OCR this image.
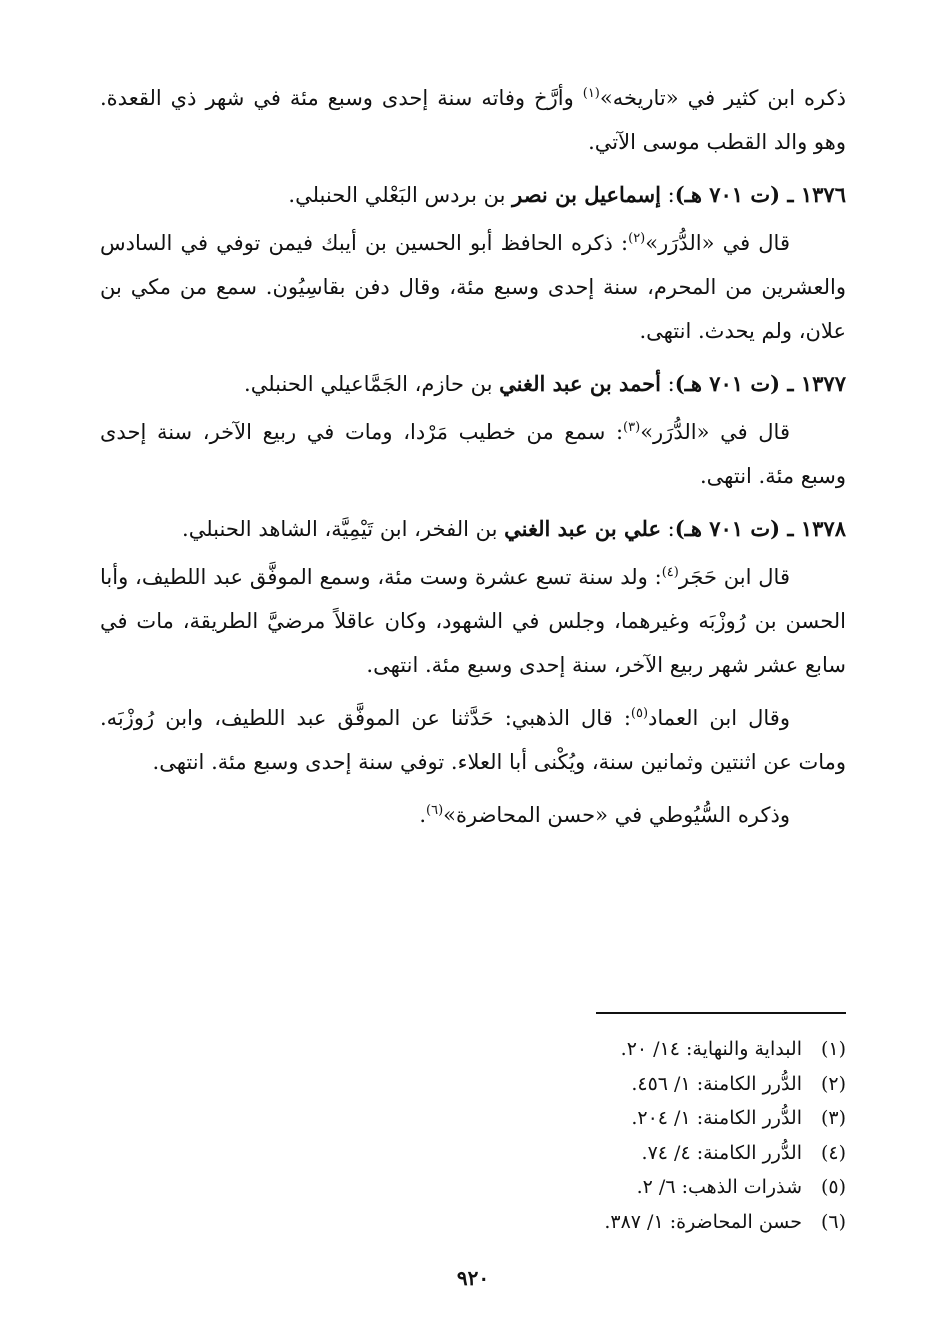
ذكره ابن كثير في «تاريخه»$^{(١)}$ وأرَّخ وفاته سنة إحدى وسبع مئة في شهر ذي القعدة. وهو والد القطب موسى الآتي.

١٣٧٦ ـ (ت ٧٠١ هـ): إسماعيل بن نصر بن بردس البَعْلي الحنبلي.

قال في «الدُّرَر»$^{(٢)}$: ذكره الحافظ أبو الحسين بن أيبك فيمن توفي في السادس والعشرين من المحرم، سنة إحدى وسبع مئة، وقال دفن بقاسِيُون. سمع من مكي بن علان، ولم يحدث. انتهى.

١٣٧٧ ـ (ت ٧٠١ هـ): أحمد بن عبد الغني بن حازم، الجَمَّاعيلي الحنبلي.

قال في «الدُّرَر»$^{(٣)}$: سمع من خطيب مَرْدا، ومات في ربيع الآخر، سنة إحدى وسبع مئة. انتهى.

١٣٧٨ ـ (ت ٧٠١ هـ): علي بن عبد الغني بن الفخر، ابن تَيْمِيَّة، الشاهد الحنبلي.

قال ابن حَجَر$^{(٤)}$: ولد سنة تسع عشرة وست مئة، وسمع الموفَّق عبد اللطيف، وأبا الحسن بن رُوزْبَه وغيرهما، وجلس في الشهود، وكان عاقلاً مرضيَّ الطريقة، مات في سابع عشر شهر ربيع الآخر، سنة إحدى وسبع مئة. انتهى.

وقال ابن العماد$^{(٥)}$: قال الذهبي: حَدَّثنا عن الموفَّق عبد اللطيف، وابن رُوزْبَه. ومات عن اثنتين وثمانين سنة، ويُكْنى أبا العلاء. توفي سنة إحدى وسبع مئة. انتهى.

وذكره السُّيُوطي في «حسن المحاضرة»$^{(٦)}$.

(١)البداية والنهاية: ١٤/ ٢٠.
(٢)الدُّرر الكامنة: ١/ ٤٥٦.
(٣)الدُّرر الكامنة: ١/ ٢٠٤.
(٤)الدُّرر الكامنة: ٤/ ٧٤.
(٥)شذرات الذهب: ٦/ ٢.
(٦)حسن المحاضرة: ١/ ٣٨٧.
٩٢٠
